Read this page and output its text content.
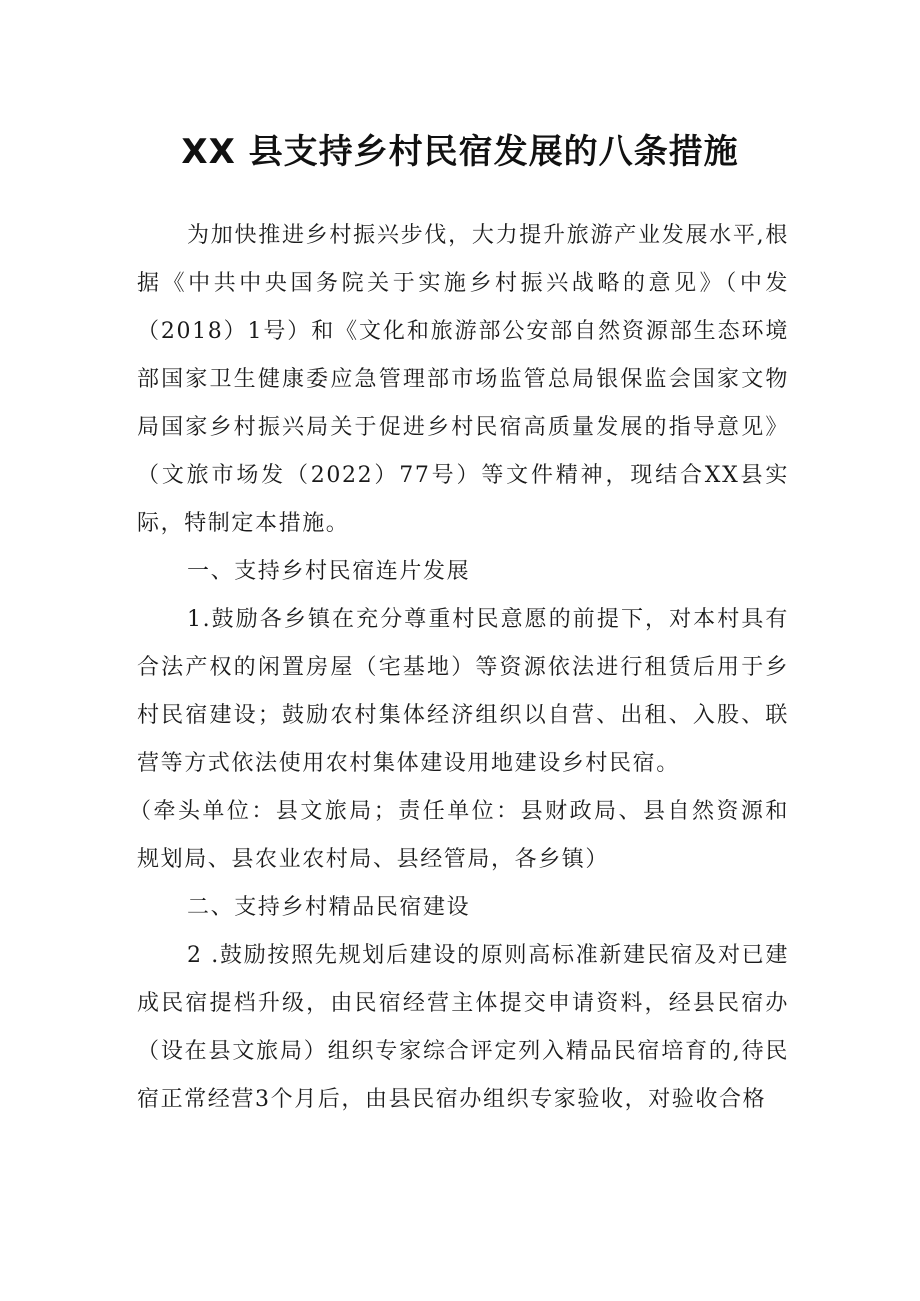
XX 县支持乡村民宿发展的八条措施

为加快推进乡村振兴步伐，大力提升旅游产业发展水平,根据《中共中央国务院关于实施乡村振兴战略的意见》（中发（2018）1号）和《文化和旅游部公安部自然资源部生态环境部国家卫生健康委应急管理部市场监管总局银保监会国家文物局国家乡村振兴局关于促进乡村民宿高质量发展的指导意见》（文旅市场发（2022）77号）等文件精神，现结合XX县实际，特制定本措施。

一、支持乡村民宿连片发展

1.鼓励各乡镇在充分尊重村民意愿的前提下，对本村具有合法产权的闲置房屋（宅基地）等资源依法进行租赁后用于乡村民宿建设；鼓励农村集体经济组织以自营、出租、入股、联营等方式依法使用农村集体建设用地建设乡村民宿。

（牵头单位：县文旅局；责任单位：县财政局、县自然资源和规划局、县农业农村局、县经管局，各乡镇）

二、支持乡村精品民宿建设

2 .鼓励按照先规划后建设的原则高标准新建民宿及对已建成民宿提档升级，由民宿经营主体提交申请资料，经县民宿办（设在县文旅局）组织专家综合评定列入精品民宿培育的,待民宿正常经营3个月后，由县民宿办组织专家验收，对验收合格
